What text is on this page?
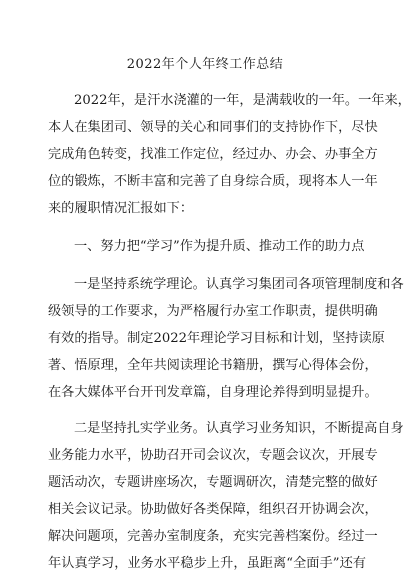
2022年个人年终工作总结
2022年，是汗水浇灌的一年，是满载收的一年。一年来，
本人在集团司、领导的关心和同事们的支持协作下，尽快
完成角色转变，找准工作定位，经过办、办会、办事全方
位的锻炼，不断丰富和完善了自身综合质，现将本人一年
来的履职情况汇报如下：
一、努力把“学习”作为提升质、推动工作的助力点
一是坚持系统学理论。认真学习集团司各项管理制度和各
级领导的工作要求，为严格履行办室工作职责，提供明确
有效的指导。制定2022年理论学习目标和计划，坚持读原
著、悟原理，全年共阅读理论书籍册，撰写心得体会份，
在各大媒体平台开刊发章篇，自身理论养得到明显提升。
二是坚持扎实学业务。认真学习业务知识，不断提高自身
业务能力水平，协助召开司会议次，专题会议次，开展专
题活动次，专题讲座场次，专题调研次，清楚完整的做好
相关会议记录。协助做好各类保障，组织召开协调会次，
解决问题项，完善办室制度条，充实完善档案份。经过一
年认真学习，业务水平稳步上升，虽距离“全面手”还有
